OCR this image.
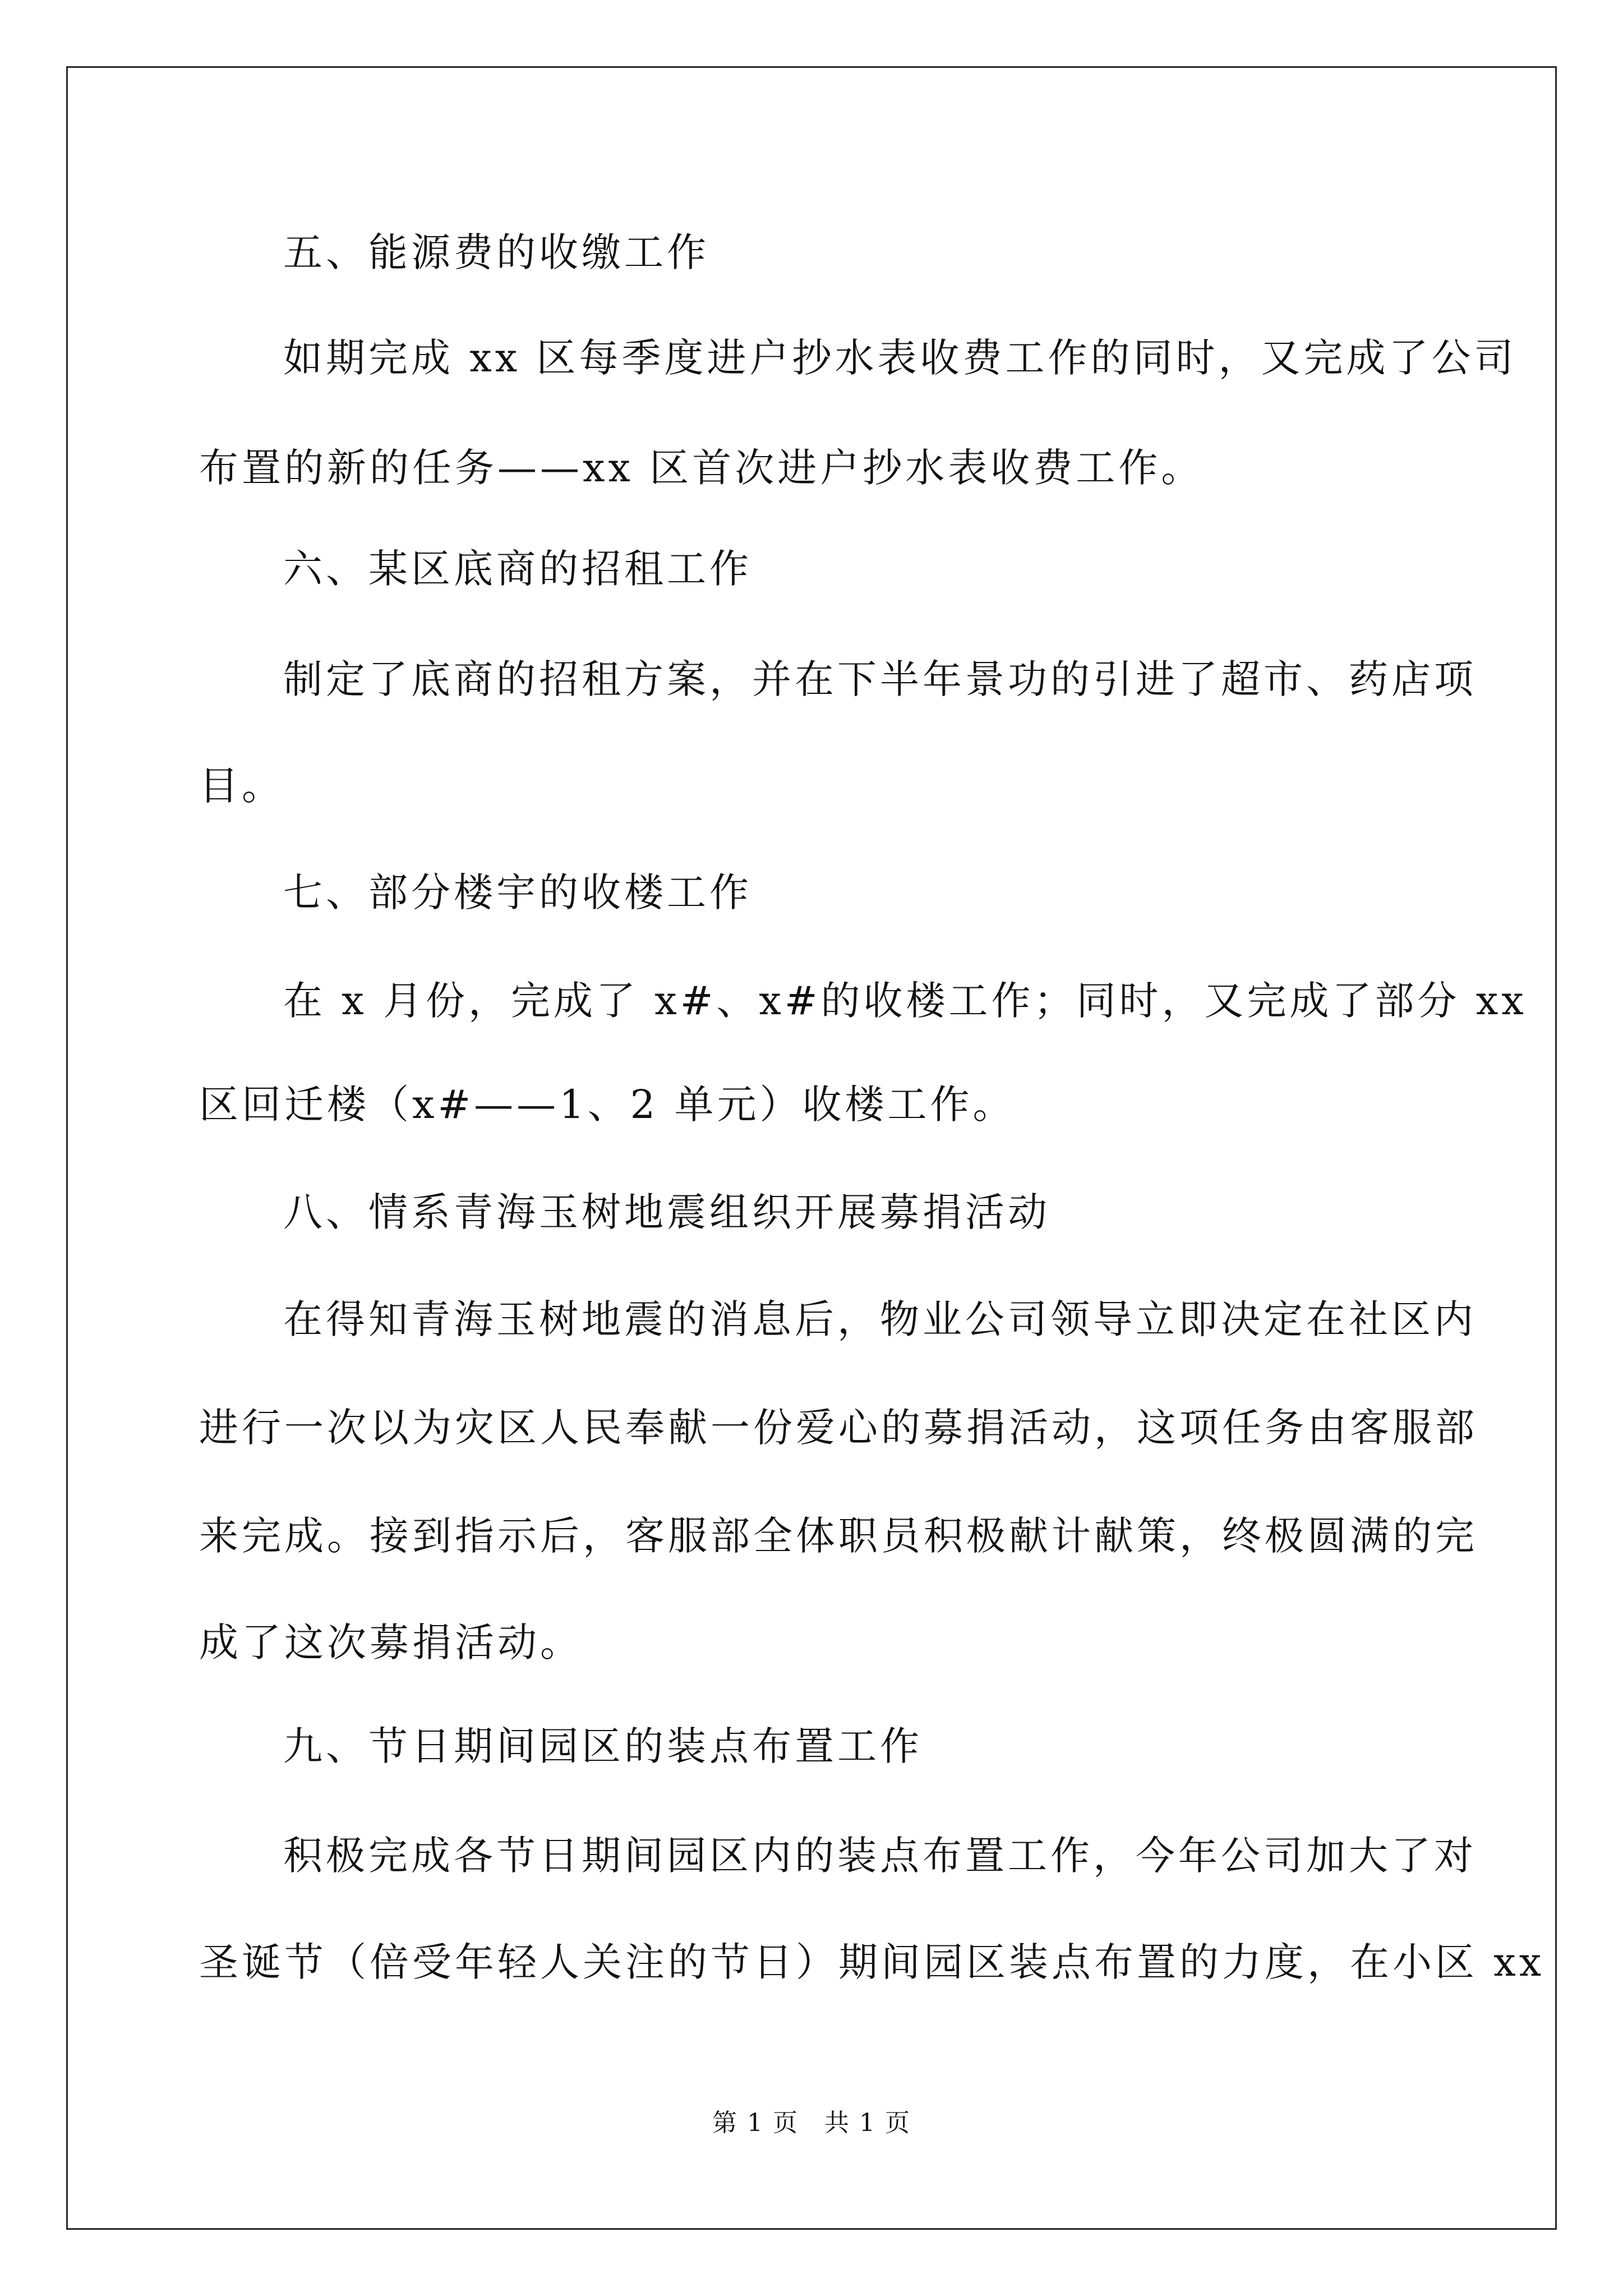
五、能源费的收缴工作
如期完成 xx 区每季度进户抄水表收费工作的同时，又完成了公司
布置的新的任务——xx 区首次进户抄水表收费工作。
六、某区底商的招租工作
制定了底商的招租方案，并在下半年景功的引进了超市、药店项
目。
七、部分楼宇的收楼工作
在 x 月份，完成了 x#、x#的收楼工作；同时，又完成了部分 xx
区回迁楼（x#——1、2 单元）收楼工作。
八、情系青海玉树地震组织开展募捐活动
在得知青海玉树地震的消息后，物业公司领导立即决定在社区内
进行一次以为灾区人民奉献一份爱心的募捐活动，这项任务由客服部
来完成。接到指示后，客服部全体职员积极献计献策，终极圆满的完
成了这次募捐活动。
九、节日期间园区的装点布置工作
积极完成各节日期间园区内的装点布置工作，今年公司加大了对
圣诞节（倍受年轻人关注的节日）期间园区装点布置的力度，在小区 xx
第 1 页　共 1 页
